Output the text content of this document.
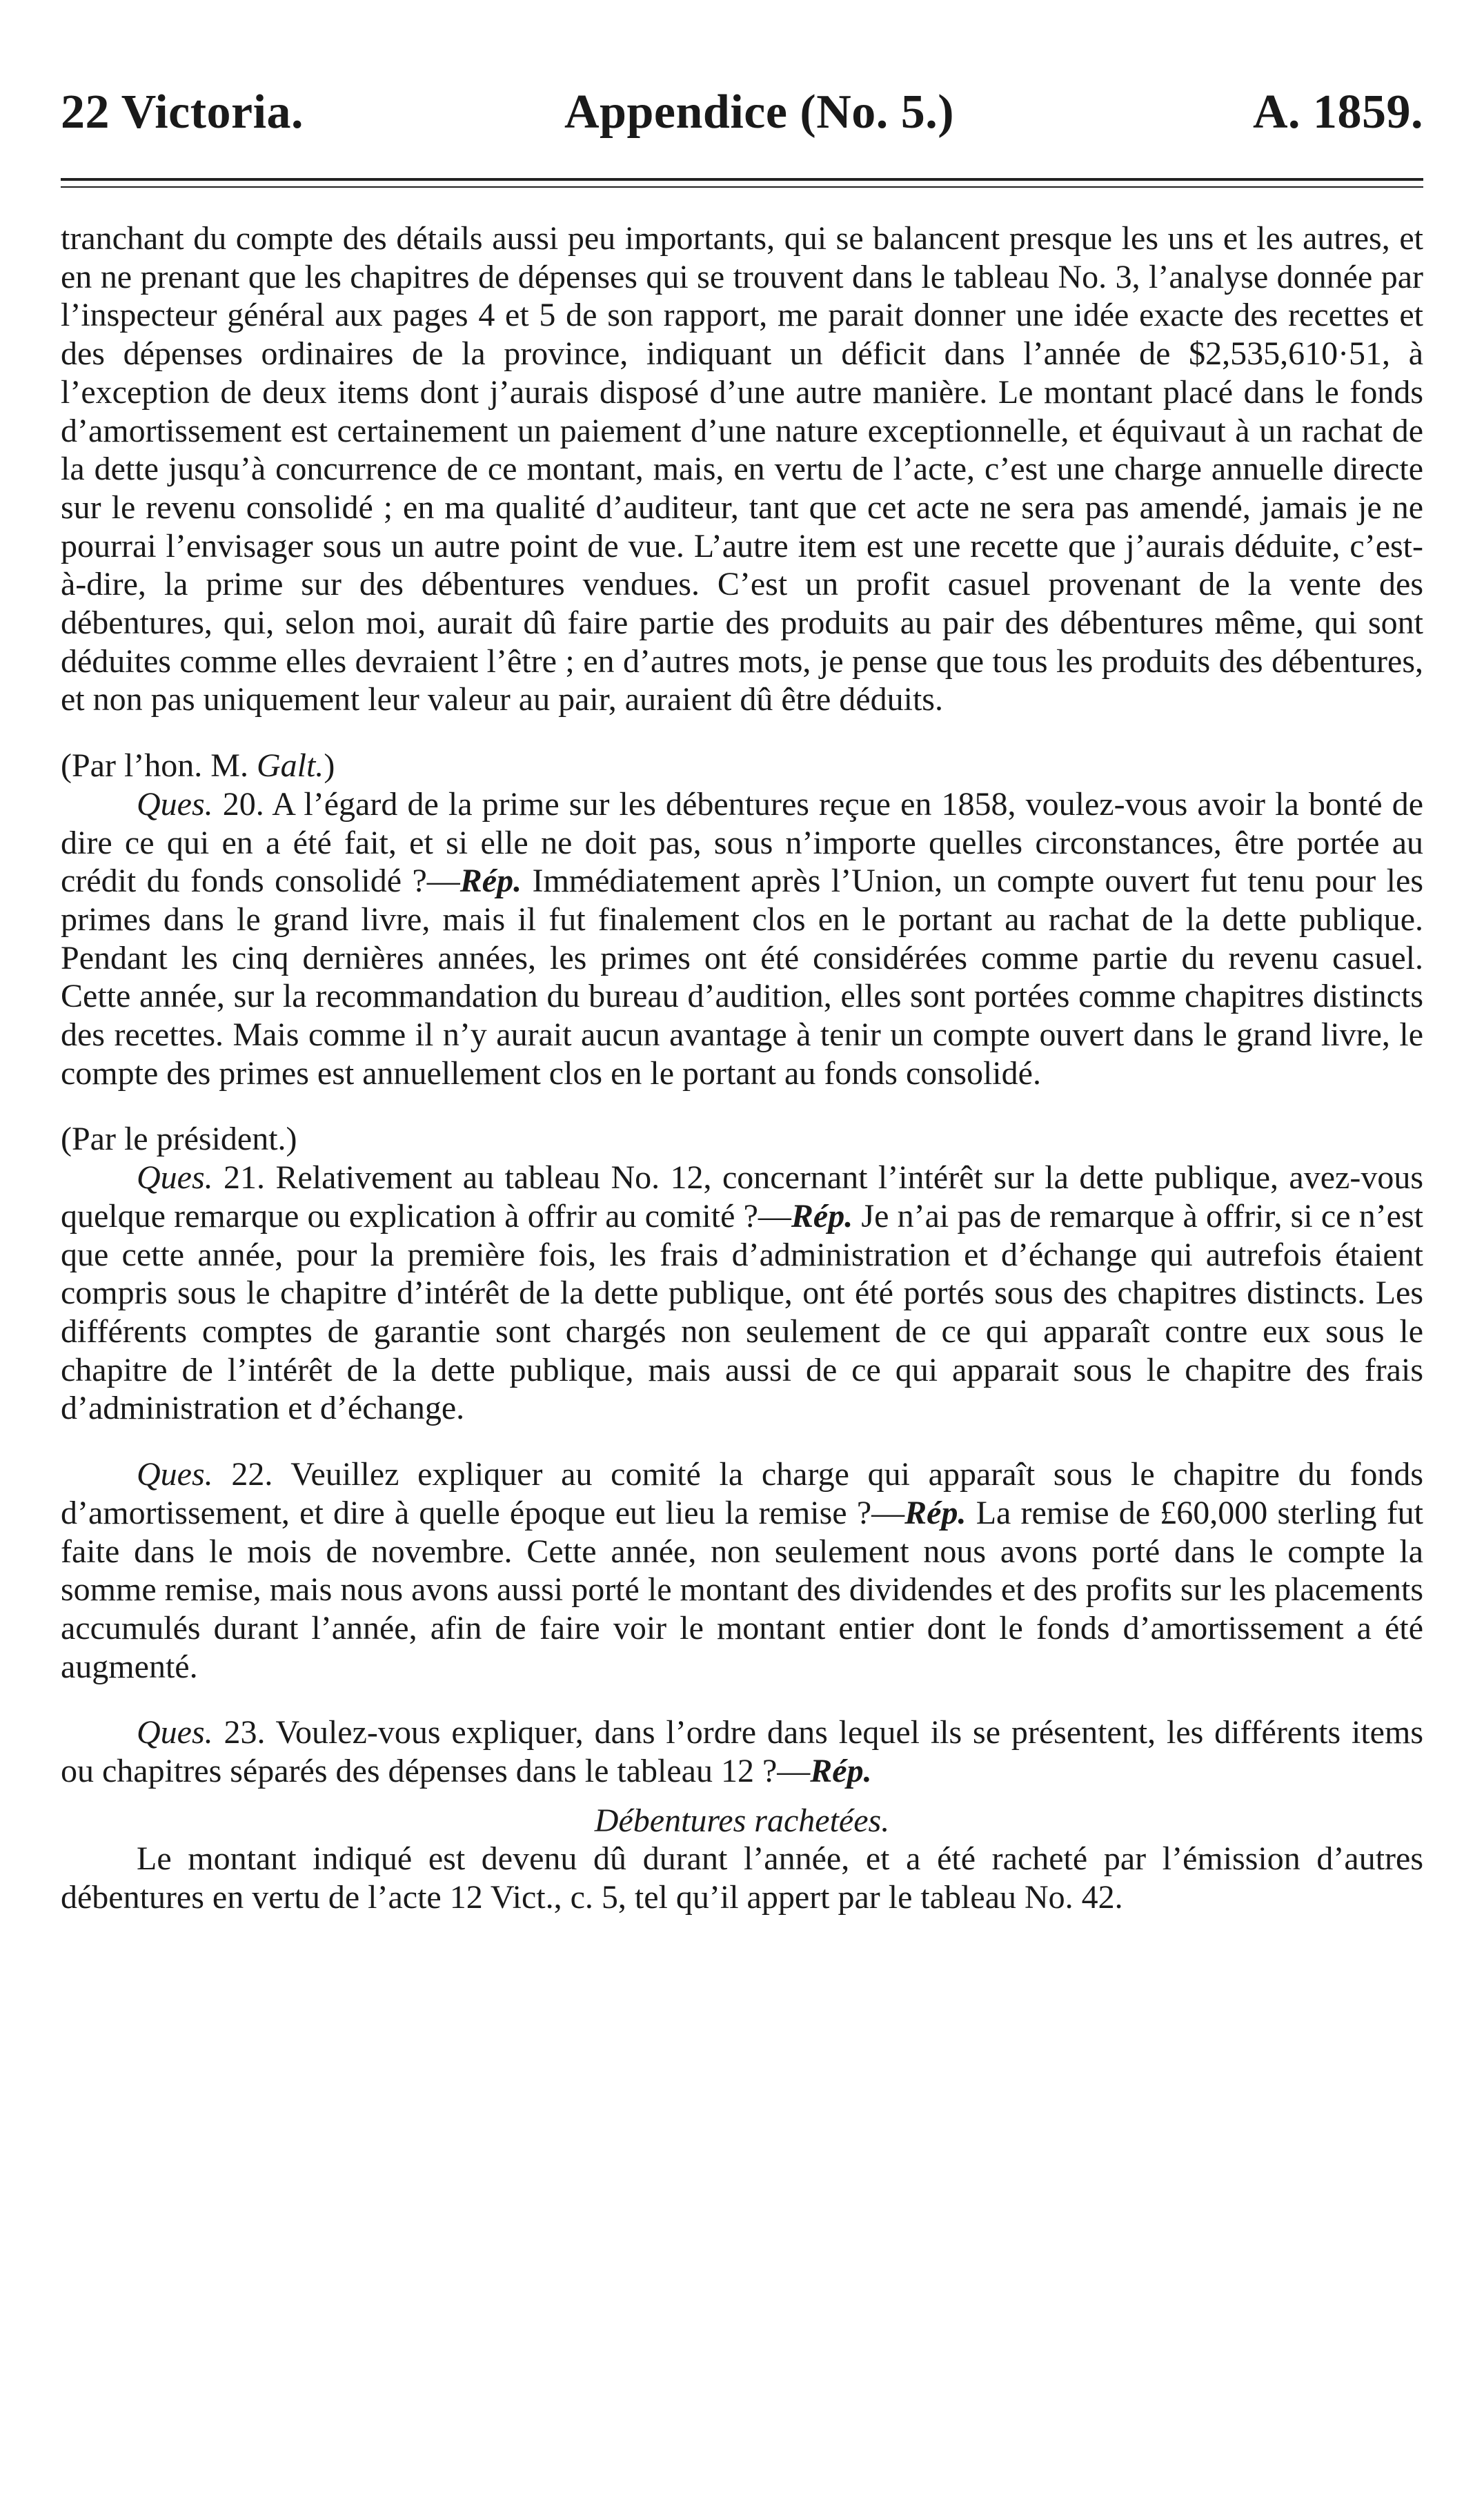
22 Victoria.	Appendice (No. 5.)	A. 1859.

tranchant du compte des détails aussi peu importants, qui se balancent presque les uns et les autres, et en ne prenant que les chapitres de dépenses qui se trouvent dans le tableau No. 3, l’analyse donnée par l’inspecteur général aux pages 4 et 5 de son rapport, me parait donner une idée exacte des recettes et des dépenses ordinaires de la province, indiquant un déficit dans l’année de $2,535,610·51, à l’exception de deux items dont j’aurais disposé d’une autre manière. Le montant placé dans le fonds d’amortissement est certainement un paiement d’une nature exceptionnelle, et équivaut à un rachat de la dette jusqu’à concurrence de ce montant, mais, en vertu de l’acte, c’est une charge annuelle directe sur le revenu consolidé ; en ma qualité d’auditeur, tant que cet acte ne sera pas amendé, jamais je ne pourrai l’envisager sous un autre point de vue. L’autre item est une recette que j’aurais déduite, c’est-à-dire, la prime sur des débentures vendues. C’est un profit casuel provenant de la vente des débentures, qui, selon moi, aurait dû faire partie des produits au pair des débentures même, qui sont déduites comme elles devraient l’être ; en d’autres mots, je pense que tous les produits des débentures, et non pas uniquement leur valeur au pair, auraient dû être déduits.

(Par l’hon. M. Galt.)

Ques. 20. A l’égard de la prime sur les débentures reçue en 1858, voulez-vous avoir la bonté de dire ce qui en a été fait, et si elle ne doit pas, sous n’importe quelles circonstances, être portée au crédit du fonds consolidé ?—Rép. Immédiatement après l’Union, un compte ouvert fut tenu pour les primes dans le grand livre, mais il fut finalement clos en le portant au rachat de la dette publique. Pendant les cinq dernières années, les primes ont été considérées comme partie du revenu casuel. Cette année, sur la recommandation du bureau d’audition, elles sont portées comme chapitres distincts des recettes. Mais comme il n’y aurait aucun avantage à tenir un compte ouvert dans le grand livre, le compte des primes est annuellement clos en le portant au fonds consolidé.

(Par le président.)

Ques. 21. Relativement au tableau No. 12, concernant l’intérêt sur la dette publique, avez-vous quelque remarque ou explication à offrir au comité ?—Rép. Je n’ai pas de remarque à offrir, si ce n’est que cette année, pour la première fois, les frais d’administration et d’échange qui autrefois étaient compris sous le chapitre d’intérêt de la dette publique, ont été portés sous des chapitres distincts. Les différents comptes de garantie sont chargés non seulement de ce qui apparaît contre eux sous le chapitre de l’intérêt de la dette publique, mais aussi de ce qui apparait sous le chapitre des frais d’administration et d’échange.

Ques. 22. Veuillez expliquer au comité la charge qui apparaît sous le chapitre du fonds d’amortissement, et dire à quelle époque eut lieu la remise ?—Rép. La remise de £60,000 sterling fut faite dans le mois de novembre. Cette année, non seulement nous avons porté dans le compte la somme remise, mais nous avons aussi porté le montant des dividendes et des profits sur les placements accumulés durant l’année, afin de faire voir le montant entier dont le fonds d’amortissement a été augmenté.

Ques. 23. Voulez-vous expliquer, dans l’ordre dans lequel ils se présentent, les différents items ou chapitres séparés des dépenses dans le tableau 12 ?—Rép.

Débentures rachetées.

Le montant indiqué est devenu dû durant l’année, et a été racheté par l’émission d’autres débentures en vertu de l’acte 12 Vict., c. 5, tel qu’il appert par le tableau No. 42.
